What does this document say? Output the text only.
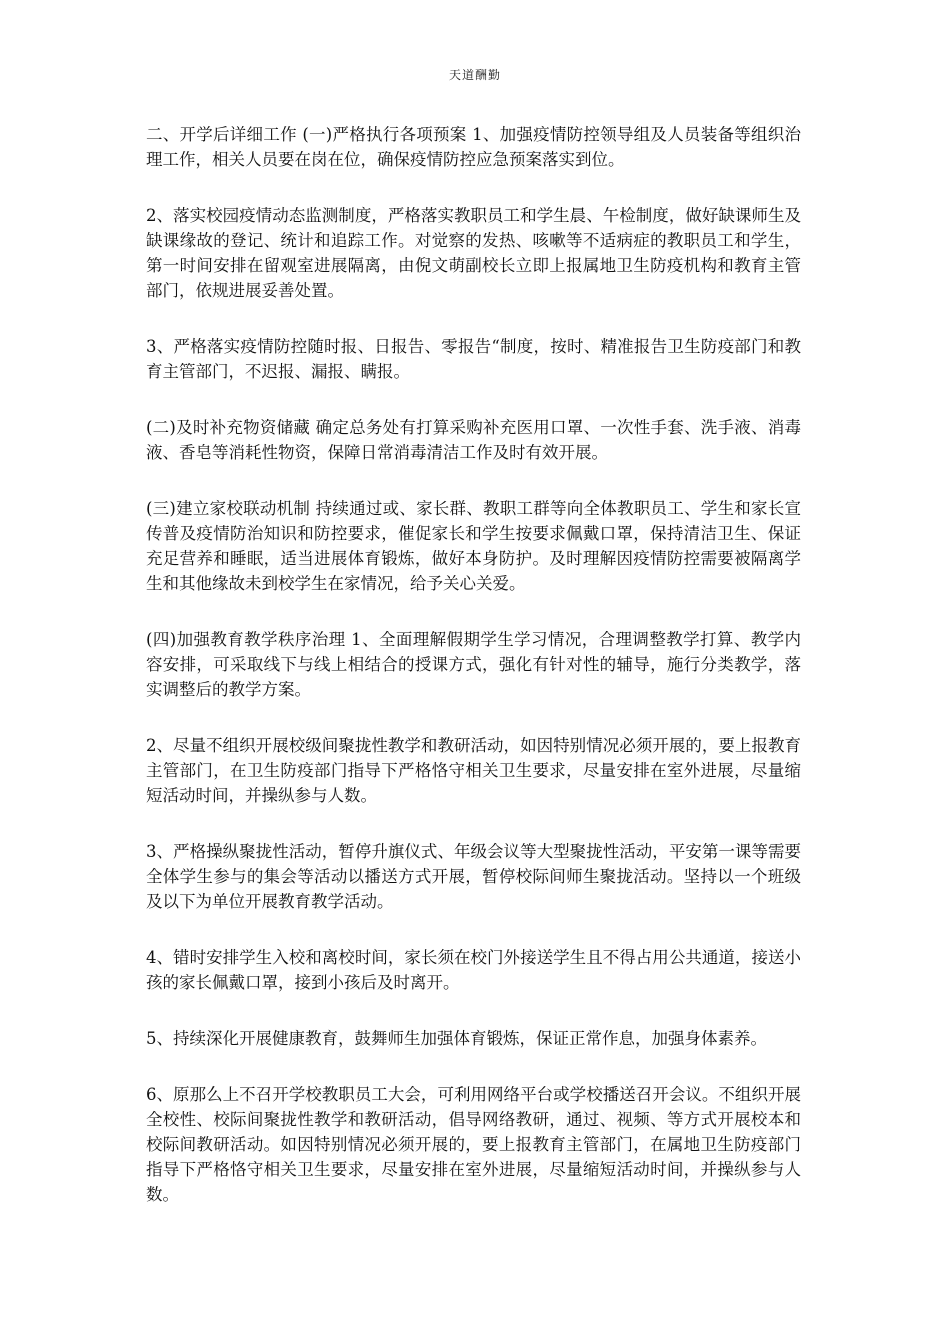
天道酬勤

二、开学后详细工作 (一)严格执行各项预案 1、加强疫情防控领导组及人员装备等组织治理工作，相关人员要在岗在位，确保疫情防控应急预案落实到位。

2、落实校园疫情动态监测制度，严格落实教职员工和学生晨、午检制度，做好缺课师生及缺课缘故的登记、统计和追踪工作。对觉察的发热、咳嗽等不适病症的教职员工和学生，第一时间安排在留观室进展隔离，由倪文萌副校长立即上报属地卫生防疫机构和教育主管部门，依规进展妥善处置。

3、严格落实疫情防控随时报、日报告、零报告“制度，按时、精准报告卫生防疫部门和教育主管部门，不迟报、漏报、瞒报。

(二)及时补充物资储藏 确定总务处有打算采购补充医用口罩、一次性手套、洗手液、消毒液、香皂等消耗性物资，保障日常消毒清洁工作及时有效开展。

(三)建立家校联动机制 持续通过或、家长群、教职工群等向全体教职员工、学生和家长宣传普及疫情防治知识和防控要求，催促家长和学生按要求佩戴口罩，保持清洁卫生、保证充足营养和睡眠，适当进展体育锻炼，做好本身防护。及时理解因疫情防控需要被隔离学生和其他缘故未到校学生在家情况，给予关心关爱。

(四)加强教育教学秩序治理 1、全面理解假期学生学习情况，合理调整教学打算、教学内容安排，可采取线下与线上相结合的授课方式，强化有针对性的辅导，施行分类教学，落实调整后的教学方案。

2、尽量不组织开展校级间聚拢性教学和教研活动，如因特别情况必须开展的，要上报教育主管部门，在卫生防疫部门指导下严格恪守相关卫生要求，尽量安排在室外进展，尽量缩短活动时间，并操纵参与人数。

3、严格操纵聚拢性活动，暂停升旗仪式、年级会议等大型聚拢性活动，平安第一课等需要全体学生参与的集会等活动以播送方式开展，暂停校际间师生聚拢活动。坚持以一个班级及以下为单位开展教育教学活动。

4、错时安排学生入校和离校时间，家长须在校门外接送学生且不得占用公共通道，接送小孩的家长佩戴口罩，接到小孩后及时离开。

5、持续深化开展健康教育，鼓舞师生加强体育锻炼，保证正常作息，加强身体素养。

6、原那么上不召开学校教职员工大会，可利用网络平台或学校播送召开会议。不组织开展全校性、校际间聚拢性教学和教研活动，倡导网络教研，通过、视频、等方式开展校本和校际间教研活动。如因特别情况必须开展的，要上报教育主管部门，在属地卫生防疫部门指导下严格恪守相关卫生要求，尽量安排在室外进展，尽量缩短活动时间，并操纵参与人数。
